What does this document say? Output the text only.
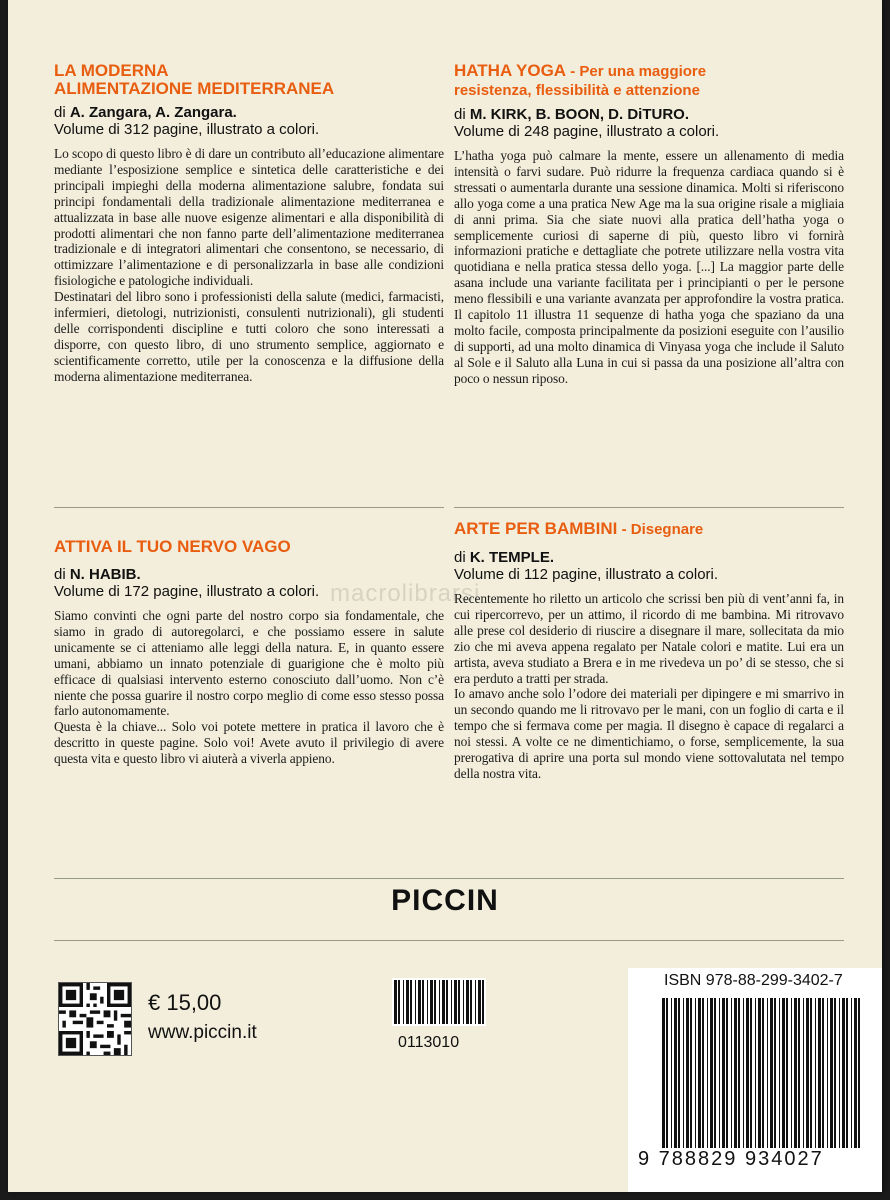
macrolibrarsi
LA MODERNA
ALIMENTAZIONE MEDITERRANEA
di A. Zangara, A. Zangara.
Volume di 312 pagine, illustrato a colori.

Lo scopo di questo libro è di dare un contributo all’educazione alimentare mediante l’esposizione semplice e sintetica delle caratteristiche e dei principali impieghi della moderna alimentazione salubre, fondata sui principi fondamentali della tradizionale alimentazione mediterranea e attualizzata in base alle nuove esigenze alimentari e alla disponibilità di prodotti alimentari che non fanno parte dell’alimentazione mediterranea tradizionale e di integratori alimentari che consentono, se necessario, di ottimizzare l’alimentazione e di personalizzarla in base alle condizioni fisiologiche e patologiche individuali.

Destinatari del libro sono i professionisti della salute (medici, farmacisti, infermieri, dietologi, nutrizionisti, consulenti nutrizionali), gli studenti delle corrispondenti discipline e tutti coloro che sono interessati a disporre, con questo libro, di uno strumento semplice, aggiornato e scientificamente corretto, utile per la conoscenza e la diffusione della moderna alimentazione mediterranea.

HATHA YOGA - Per una maggiore
resistenza, flessibilità e attenzione
di M. KIRK, B. BOON, D. DiTURO.
Volume di 248 pagine, illustrato a colori.

L’hatha yoga può calmare la mente, essere un allenamento di media intensità o farvi sudare. Può ridurre la frequenza cardiaca quando si è stressati o aumentarla durante una sessione dinamica. Molti si riferiscono allo yoga come a una pratica New Age ma la sua origine risale a migliaia di anni prima. Sia che siate nuovi alla pratica dell’hatha yoga o semplicemente curiosi di saperne di più, questo libro vi fornirà informazioni pratiche e dettagliate che potrete utilizzare nella vostra vita quotidiana e nella pratica stessa dello yoga. [...] La maggior parte delle asana include una variante facilitata per i principianti o per le persone meno flessibili e una variante avanzata per approfondire la vostra pratica. Il capitolo 11 illustra 11 sequenze di hatha yoga che spaziano da una molto facile, composta principalmente da posizioni eseguite con l’ausilio di supporti, ad una molto dinamica di Vinyasa yoga che include il Saluto al Sole e il Saluto alla Luna in cui si passa da una posizione all’altra con poco o nessun riposo.

ATTIVA IL TUO NERVO VAGO
di N. HABIB.
Volume di 172 pagine, illustrato a colori.

Siamo convinti che ogni parte del nostro corpo sia fondamentale, che siamo in grado di autoregolarci, e che possiamo essere in salute unicamente se ci atteniamo alle leggi della natura. E, in quanto essere umani, abbiamo un innato potenziale di guarigione che è molto più efficace di qualsiasi intervento esterno conosciuto dall’uomo. Non c’è niente che possa guarire il nostro corpo meglio di come esso stesso possa farlo autonomamente.

Questa è la chiave... Solo voi potete mettere in pratica il lavoro che è descritto in queste pagine. Solo voi! Avete avuto il privilegio di avere questa vita e questo libro vi aiuterà a viverla appieno.

ARTE PER BAMBINI - Disegnare
di K. TEMPLE.
Volume di 112 pagine, illustrato a colori.

Recentemente ho riletto un articolo che scrissi ben più di vent’anni fa, in cui ripercorrevo, per un attimo, il ricordo di me bambina. Mi ritrovavo alle prese col desiderio di riuscire a disegnare il mare, sollecitata da mio zio che mi aveva appena regalato per Natale colori e matite. Lui era un artista, aveva studiato a Brera e in me rivedeva un po’ di se stesso, che si era perduto a tratti per strada.

Io amavo anche solo l’odore dei materiali per dipingere e mi smarrivo in un secondo quando me li ritrovavo per le mani, con un foglio di carta e il tempo che si fermava come per magia. Il disegno è capace di regalarci a noi stessi. A volte ce ne dimentichiamo, o forse, semplicemente, la sua prerogativa di aprire una porta sul mondo viene sottovalutata nel tempo della nostra vita.

PICCIN
€ 15,00
www.piccin.it	0113010
ISBN 978-88-299-3402-7
9 788829 934027
